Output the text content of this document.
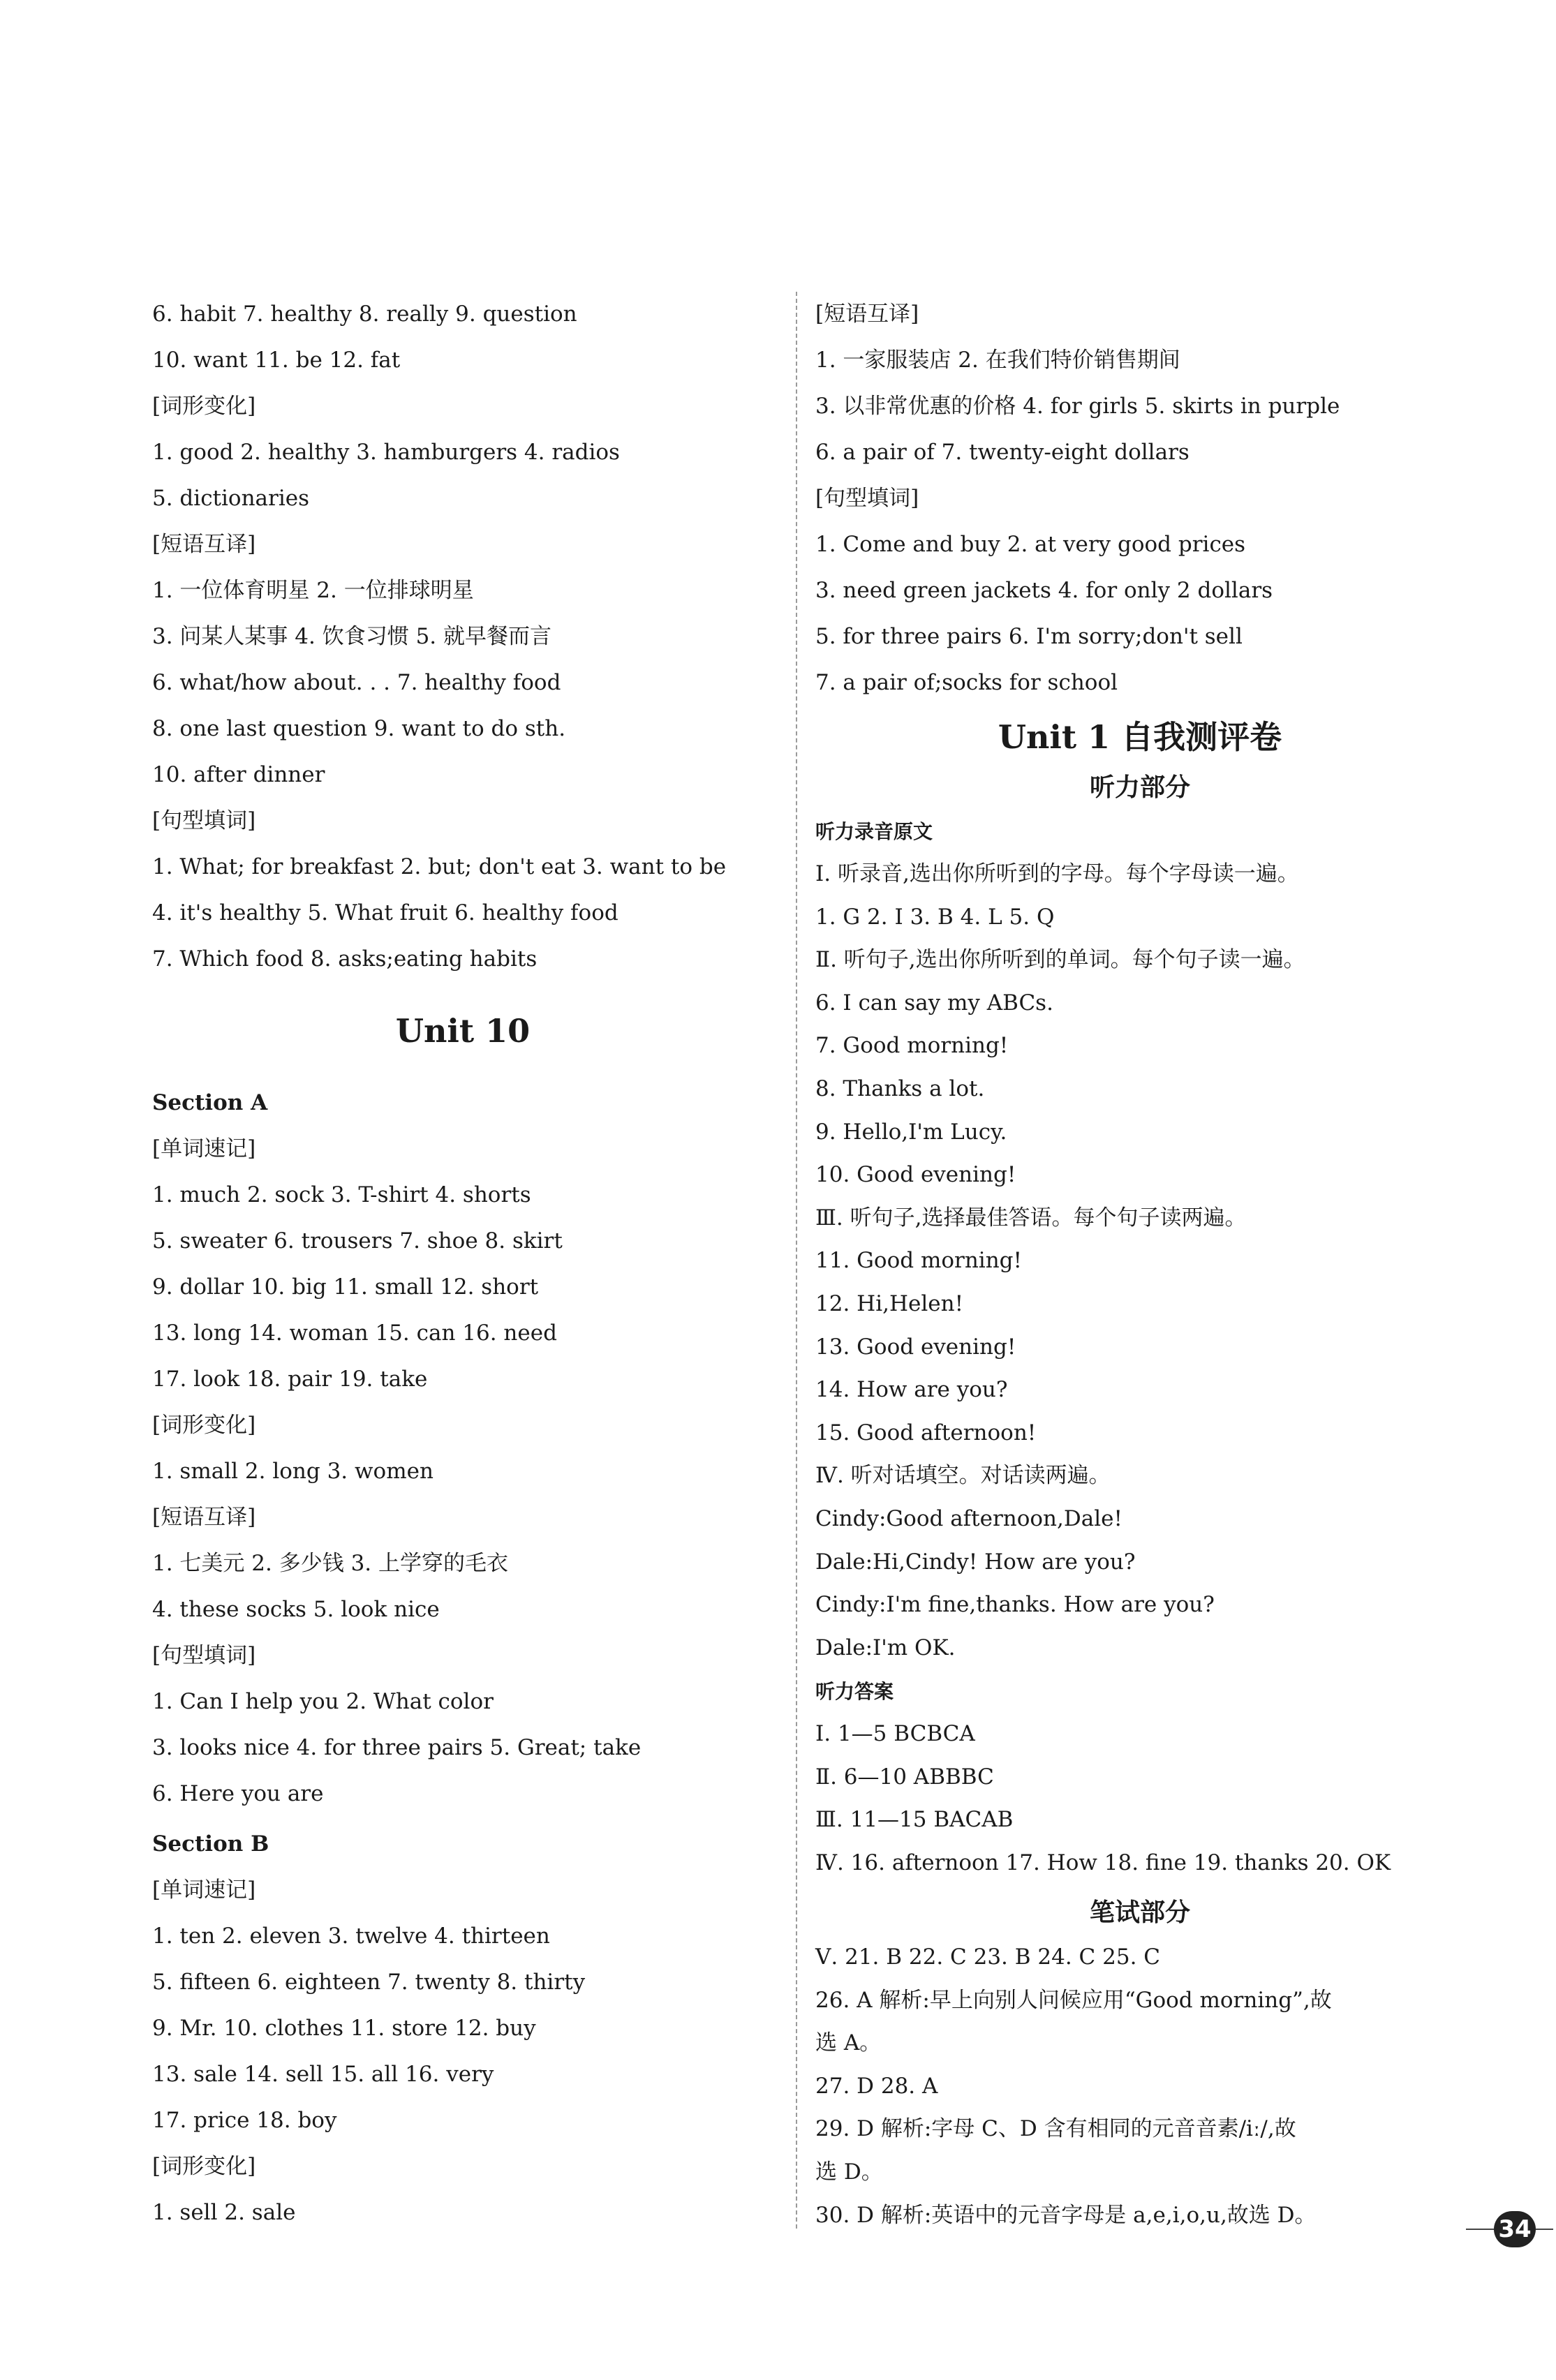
6. habit 7. healthy 8. really 9. question
10. want 11. be 12. fat
[词形变化]
1. good 2. healthy 3. hamburgers 4. radios
5. dictionaries
[短语互译]
1. 一位体育明星 2. 一位排球明星
3. 问某人某事 4. 饮食习惯 5. 就早餐而言
6. what/how about. . . 7. healthy food
8. one last question 9. want to do sth.
10. after dinner
[句型填词]
1. What; for breakfast 2. but; don't eat 3. want to be
4. it's healthy 5. What fruit 6. healthy food
7. Which food 8. asks;eating habits
Unit 10
Section A
[单词速记]
1. much 2. sock 3. T-shirt 4. shorts
5. sweater 6. trousers 7. shoe 8. skirt
9. dollar 10. big 11. small 12. short
13. long 14. woman 15. can 16. need
17. look 18. pair 19. take
[词形变化]
1. small 2. long 3. women
[短语互译]
1. 七美元 2. 多少钱 3. 上学穿的毛衣
4. these socks 5. look nice
[句型填词]
1. Can I help you 2. What color
3. looks nice 4. for three pairs 5. Great; take
6. Here you are
Section B
[单词速记]
1. ten 2. eleven 3. twelve 4. thirteen
5. fifteen 6. eighteen 7. twenty 8. thirty
9. Mr. 10. clothes 11. store 12. buy
13. sale 14. sell 15. all 16. very
17. price 18. boy
[词形变化]
1. sell 2. sale
[短语互译]
1. 一家服装店 2. 在我们特价销售期间
3. 以非常优惠的价格 4. for girls 5. skirts in purple
6. a pair of 7. twenty-eight dollars
[句型填词]
1. Come and buy 2. at very good prices
3. need green jackets 4. for only 2 dollars
5. for three pairs 6. I'm sorry;don't sell
7. a pair of;socks for school
Unit 1 自我测评卷
听力部分
听力录音原文
Ⅰ. 听录音,选出你所听到的字母。每个字母读一遍。
1. G 2. I 3. B 4. L 5. Q
Ⅱ. 听句子,选出你所听到的单词。每个句子读一遍。
6. I can say my ABCs.
7. Good morning!
8. Thanks a lot.
9. Hello,I'm Lucy.
10. Good evening!
Ⅲ. 听句子,选择最佳答语。每个句子读两遍。
11. Good morning!
12. Hi,Helen!
13. Good evening!
14. How are you?
15. Good afternoon!
Ⅳ. 听对话填空。对话读两遍。
Cindy:Good afternoon,Dale!
Dale:Hi,Cindy! How are you?
Cindy:I'm fine,thanks. How are you?
Dale:I'm OK.
听力答案
Ⅰ. 1—5 BCBCA
Ⅱ. 6—10 ABBBC
Ⅲ. 11—15 BACAB
Ⅳ. 16. afternoon 17. How 18. fine 19. thanks 20. OK
笔试部分
Ⅴ. 21. B 22. C 23. B 24. C 25. C
26. A 解析:早上向别人问候应用“Good morning”,故
选 A。
27. D 28. A
29. D 解析:字母 C、D 含有相同的元音音素/iː/,故
选 D。
30. D 解析:英语中的元音字母是 a,e,i,o,u,故选 D。
34
